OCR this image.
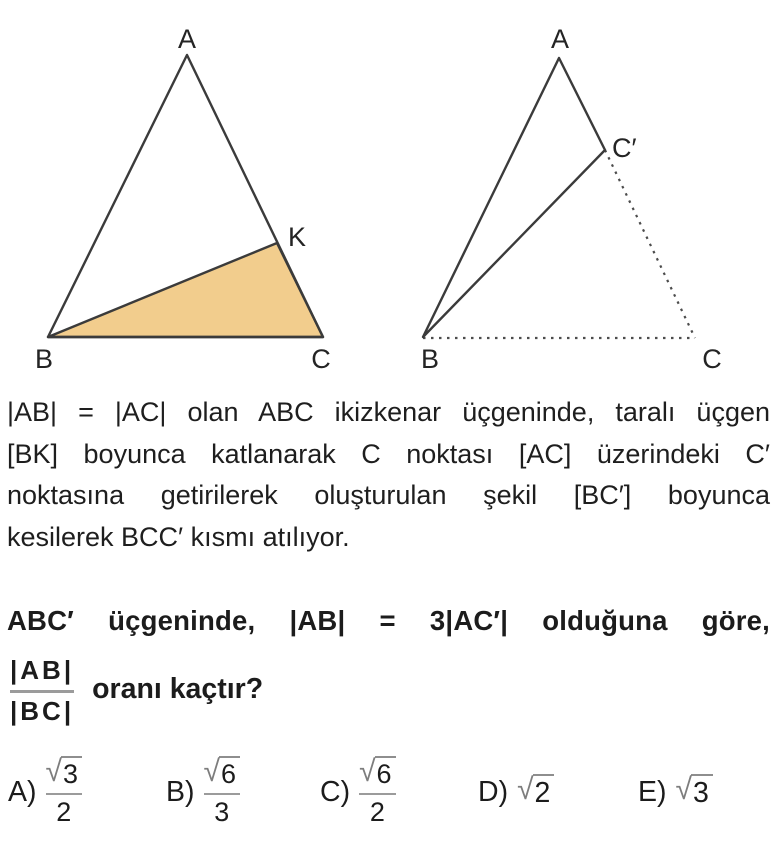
A
B	C
K
A
B	C
C′
|AB| = |AC| olan ABC ikizkenar üçgeninde, taralı üçgen
[BK] boyunca katlanarak C noktası [AC] üzerindeki C′
noktasına getirilerek oluşturulan şekil [BC′] boyunca
kesilerek BCC′ kısmı atılıyor.
ABC′ üçgeninde, |AB| = 3|AC′| olduğuna göre,
$\frac{|AB|}{|BC|}$ oranı kaçtır?
A)
√ 3
2
B)
√ 6
3
C)
√ 6
2
D) √ 2	E) √ 3
